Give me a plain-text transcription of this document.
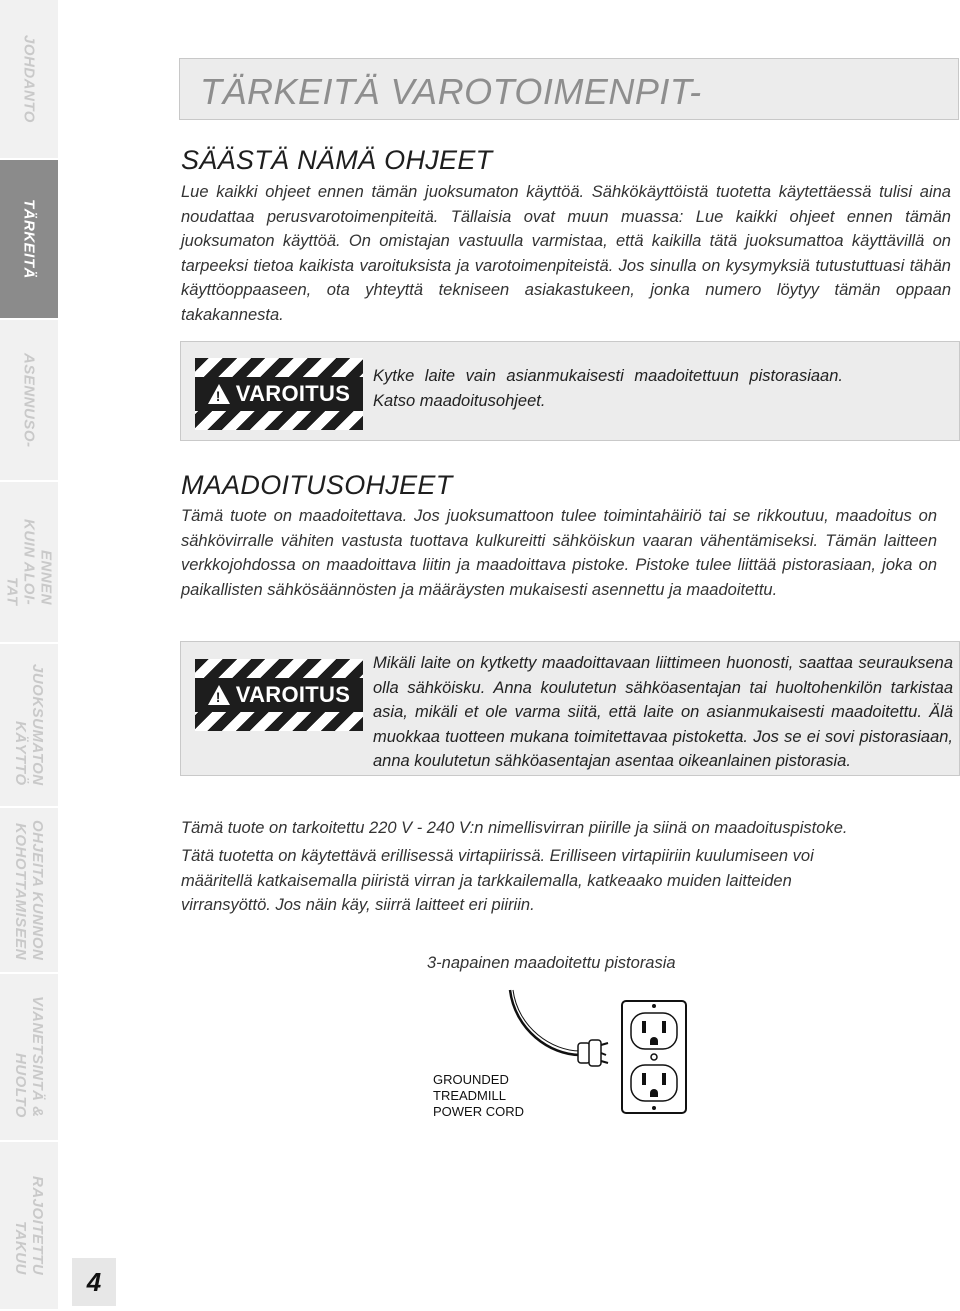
JOHDANTO
TÄRKEITÄ
ASENNUSO-
ENNEN
KUIN ALOI-
TAT
JUOKSUMATON
KÄYTTÖ
OHJEITA KUNNON
KOHOTTAMISEEN
VIANETSINTÄ &
HUOLTO
RAJOITETTU
TAKUU
4
TÄRKEITÄ VAROTOIMENPIT-
SÄÄSTÄ NÄMÄ OHJEET

Lue kaikki ohjeet ennen tämän juoksumaton käyttöä. Sähkökäyttöistä tuotetta käytettäessä tulisi aina noudattaa perusvarotoimenpiteitä. Tällaisia ovat muun muassa: Lue kaikki ohjeet ennen tämän juoksumaton käyttöä. On omistajan vastuulla varmistaa, että kaikilla tätä juoksumattoa käyttävillä on tarpeeksi tietoa kaikista varoituksista ja varotoimenpiteistä. Jos sinulla on kysymyksiä tutustuttuasi tähän käyttöoppaaseen, ota yhteyttä tekniseen asiakastukeen, jonka numero löytyy tämän oppaan takakannesta.

!
VAROITUS
Kytke laite vain asianmukaisesti maadoitettuun pistorasiaan. Katso maadoitusohjeet.
MAADOITUSOHJEET

Tämä tuote on maadoitettava. Jos juoksumattoon tulee toimintahäiriö tai se rikkoutuu, maadoitus on sähkövirralle vähiten vastusta tuottava kulkureitti sähköiskun vaaran vähentämiseksi. Tämän laitteen verkkojohdossa on maadoittava liitin ja maadoittava pistoke. Pistoke tulee liittää pistorasiaan, joka on paikallisten sähkösäännösten ja määräysten mukaisesti asennettu ja maadoitettu.

!
VAROITUS
Mikäli laite on kytketty maadoittavaan liittimeen huonosti, saattaa seurauksena olla sähköisku. Anna koulutetun sähköasentajan tai huoltohenkilön tarkistaa asia, mikäli et ole varma siitä, että laite on asianmukaisesti maadoitettu. Älä muokkaa tuotteen mukana toimitettavaa pistoketta. Jos se ei sovi pistorasiaan, anna koulutetun sähköasentajan asentaa oikeanlainen pistorasia.

Tämä tuote on tarkoitettu 220 V - 240 V:n nimellisvirran piirille ja siinä on maadoituspistoke.

Tätä tuotetta on käytettävä erillisessä virtapiirissä. Erilliseen virtapiiriin kuulumiseen voi määritellä katkaisemalla piiristä virran ja tarkkailemalla, katkeaako muiden laitteiden virransyöttö. Jos näin käy, siirrä laitteet eri piiriin.

3-napainen maadoitettu pistorasia
GROUNDED
TREADMILL
POWER CORD
